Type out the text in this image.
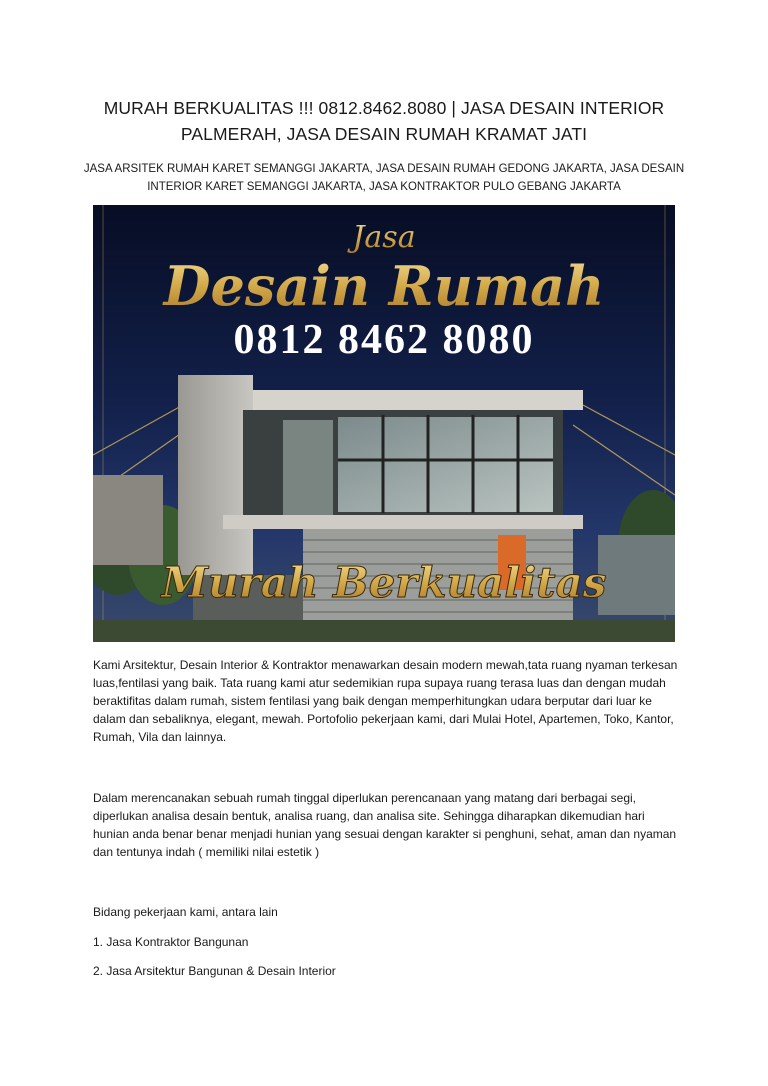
MURAH BERKUALITAS !!! 0812.8462.8080 | JASA DESAIN INTERIOR PALMERAH, JASA DESAIN RUMAH KRAMAT JATI
JASA ARSITEK RUMAH KARET SEMANGGI JAKARTA, JASA DESAIN RUMAH GEDONG JAKARTA, JASA DESAIN INTERIOR KARET SEMANGGI JAKARTA, JASA KONTRAKTOR PULO GEBANG JAKARTA
Jasa
Desain Rumah
0812 8462 8080
Murah Berkualitas
Kami Arsitektur, Desain Interior & Kontraktor menawarkan desain modern mewah,tata ruang nyaman terkesan luas,fentilasi yang baik. Tata ruang kami atur sedemikian rupa supaya ruang terasa luas dan dengan mudah beraktifitas dalam rumah, sistem fentilasi yang baik dengan memperhitungkan udara berputar dari luar ke dalam dan sebaliknya, elegant, mewah. Portofolio pekerjaan kami, dari Mulai Hotel, Apartemen, Toko, Kantor, Rumah, Vila dan lainnya.
Dalam merencanakan sebuah rumah tinggal diperlukan perencanaan yang matang dari berbagai segi, diperlukan analisa desain bentuk, analisa ruang, dan analisa site. Sehingga diharapkan dikemudian hari hunian anda benar benar menjadi hunian yang sesuai dengan karakter si penghuni, sehat, aman dan nyaman dan tentunya indah ( memiliki nilai estetik )
Bidang pekerjaan kami, antara lain
1. Jasa Kontraktor Bangunan
2. Jasa Arsitektur Bangunan & Desain Interior
